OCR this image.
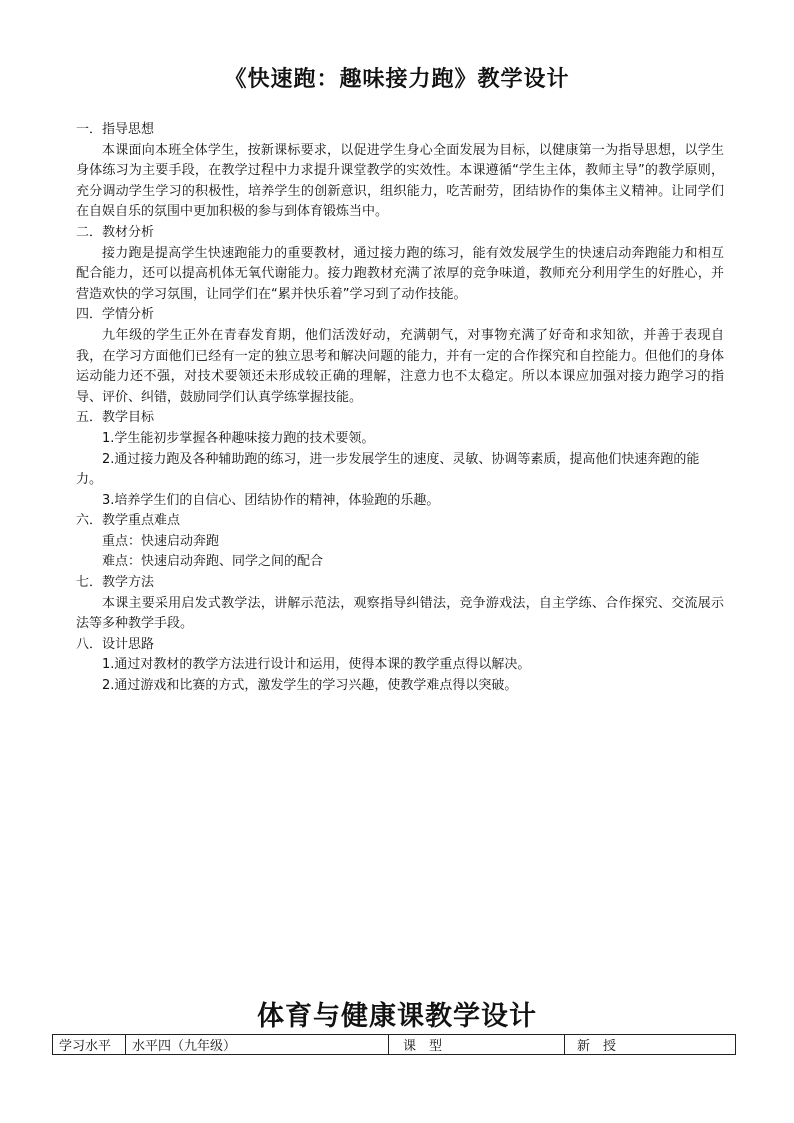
《快速跑：趣味接力跑》教学设计

一．指导思想

本课面向本班全体学生，按新课标要求，以促进学生身心全面发展为目标，以健康第一为指导思想，以学生身体练习为主要手段，在教学过程中力求提升课堂教学的实效性。本课遵循“学生主体，教师主导”的教学原则，充分调动学生学习的积极性，培养学生的创新意识，组织能力，吃苦耐劳，团结协作的集体主义精神。让同学们在自娱自乐的氛围中更加积极的参与到体育锻炼当中。

二．教材分析

接力跑是提高学生快速跑能力的重要教材，通过接力跑的练习，能有效发展学生的快速启动奔跑能力和相互配合能力，还可以提高机体无氧代谢能力。接力跑教材充满了浓厚的竞争味道，教师充分利用学生的好胜心，并营造欢快的学习氛围，让同学们在“累并快乐着”学习到了动作技能。

四．学情分析

九年级的学生正外在青春发育期，他们活泼好动，充满朝气，对事物充满了好奇和求知欲，并善于表现自我，在学习方面他们已经有一定的独立思考和解决问题的能力，并有一定的合作探究和自控能力。但他们的身体运动能力还不强，对技术要领还未形成较正确的理解，注意力也不太稳定。所以本课应加强对接力跑学习的指导、评价、纠错，鼓励同学们认真学练掌握技能。

五．教学目标

1.学生能初步掌握各种趣味接力跑的技术要领。

2.通过接力跑及各种辅助跑的练习，进一步发展学生的速度、灵敏、协调等素质，提高他们快速奔跑的能力。

3.培养学生们的自信心、团结协作的精神，体验跑的乐趣。

六．教学重点难点

重点：快速启动奔跑

难点：快速启动奔跑、同学之间的配合

七．教学方法

本课主要采用启发式教学法，讲解示范法，观察指导纠错法，竞争游戏法，自主学练、合作探究、交流展示法等多种教学手段。

八．设计思路

1.通过对教材的教学方法进行设计和运用，使得本课的教学重点得以解决。

2.通过游戏和比赛的方式，激发学生的学习兴趣，使教学难点得以突破。

体育与健康课教学设计
学习水平	水平四（九年级）	课　型	新　授
